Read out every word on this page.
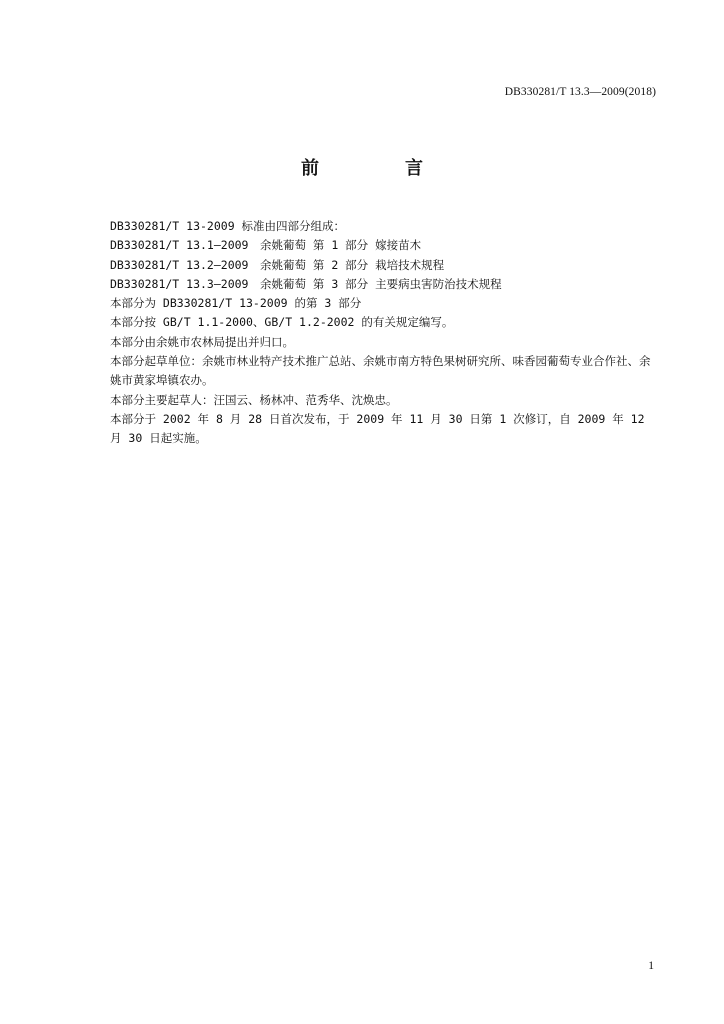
DB330281/T 13.3—2009(2018)
前　言
DB330281/T 13-2009 标准由四部分组成：
DB330281/T 13.1—2009　余姚葡萄 第 1 部分 嫁接苗木
DB330281/T 13.2—2009　余姚葡萄 第 2 部分 栽培技术规程
DB330281/T 13.3—2009　余姚葡萄 第 3 部分 主要病虫害防治技术规程
本部分为 DB330281/T 13-2009 的第 3 部分
本部分按 GB/T 1.1-2000、GB/T 1.2-2002 的有关规定编写。
本部分由余姚市农林局提出并归口。
本部分起草单位：余姚市林业特产技术推广总站、余姚市南方特色果树研究所、味香园葡萄专业合作社、余姚市黄家埠镇农办。
本部分主要起草人：汪国云、杨林冲、范秀华、沈焕忠。
本部分于 2002 年 8 月 28 日首次发布，于 2009 年 11 月 30 日第 1 次修订，自 2009 年 12 月 30 日起实施。
1
